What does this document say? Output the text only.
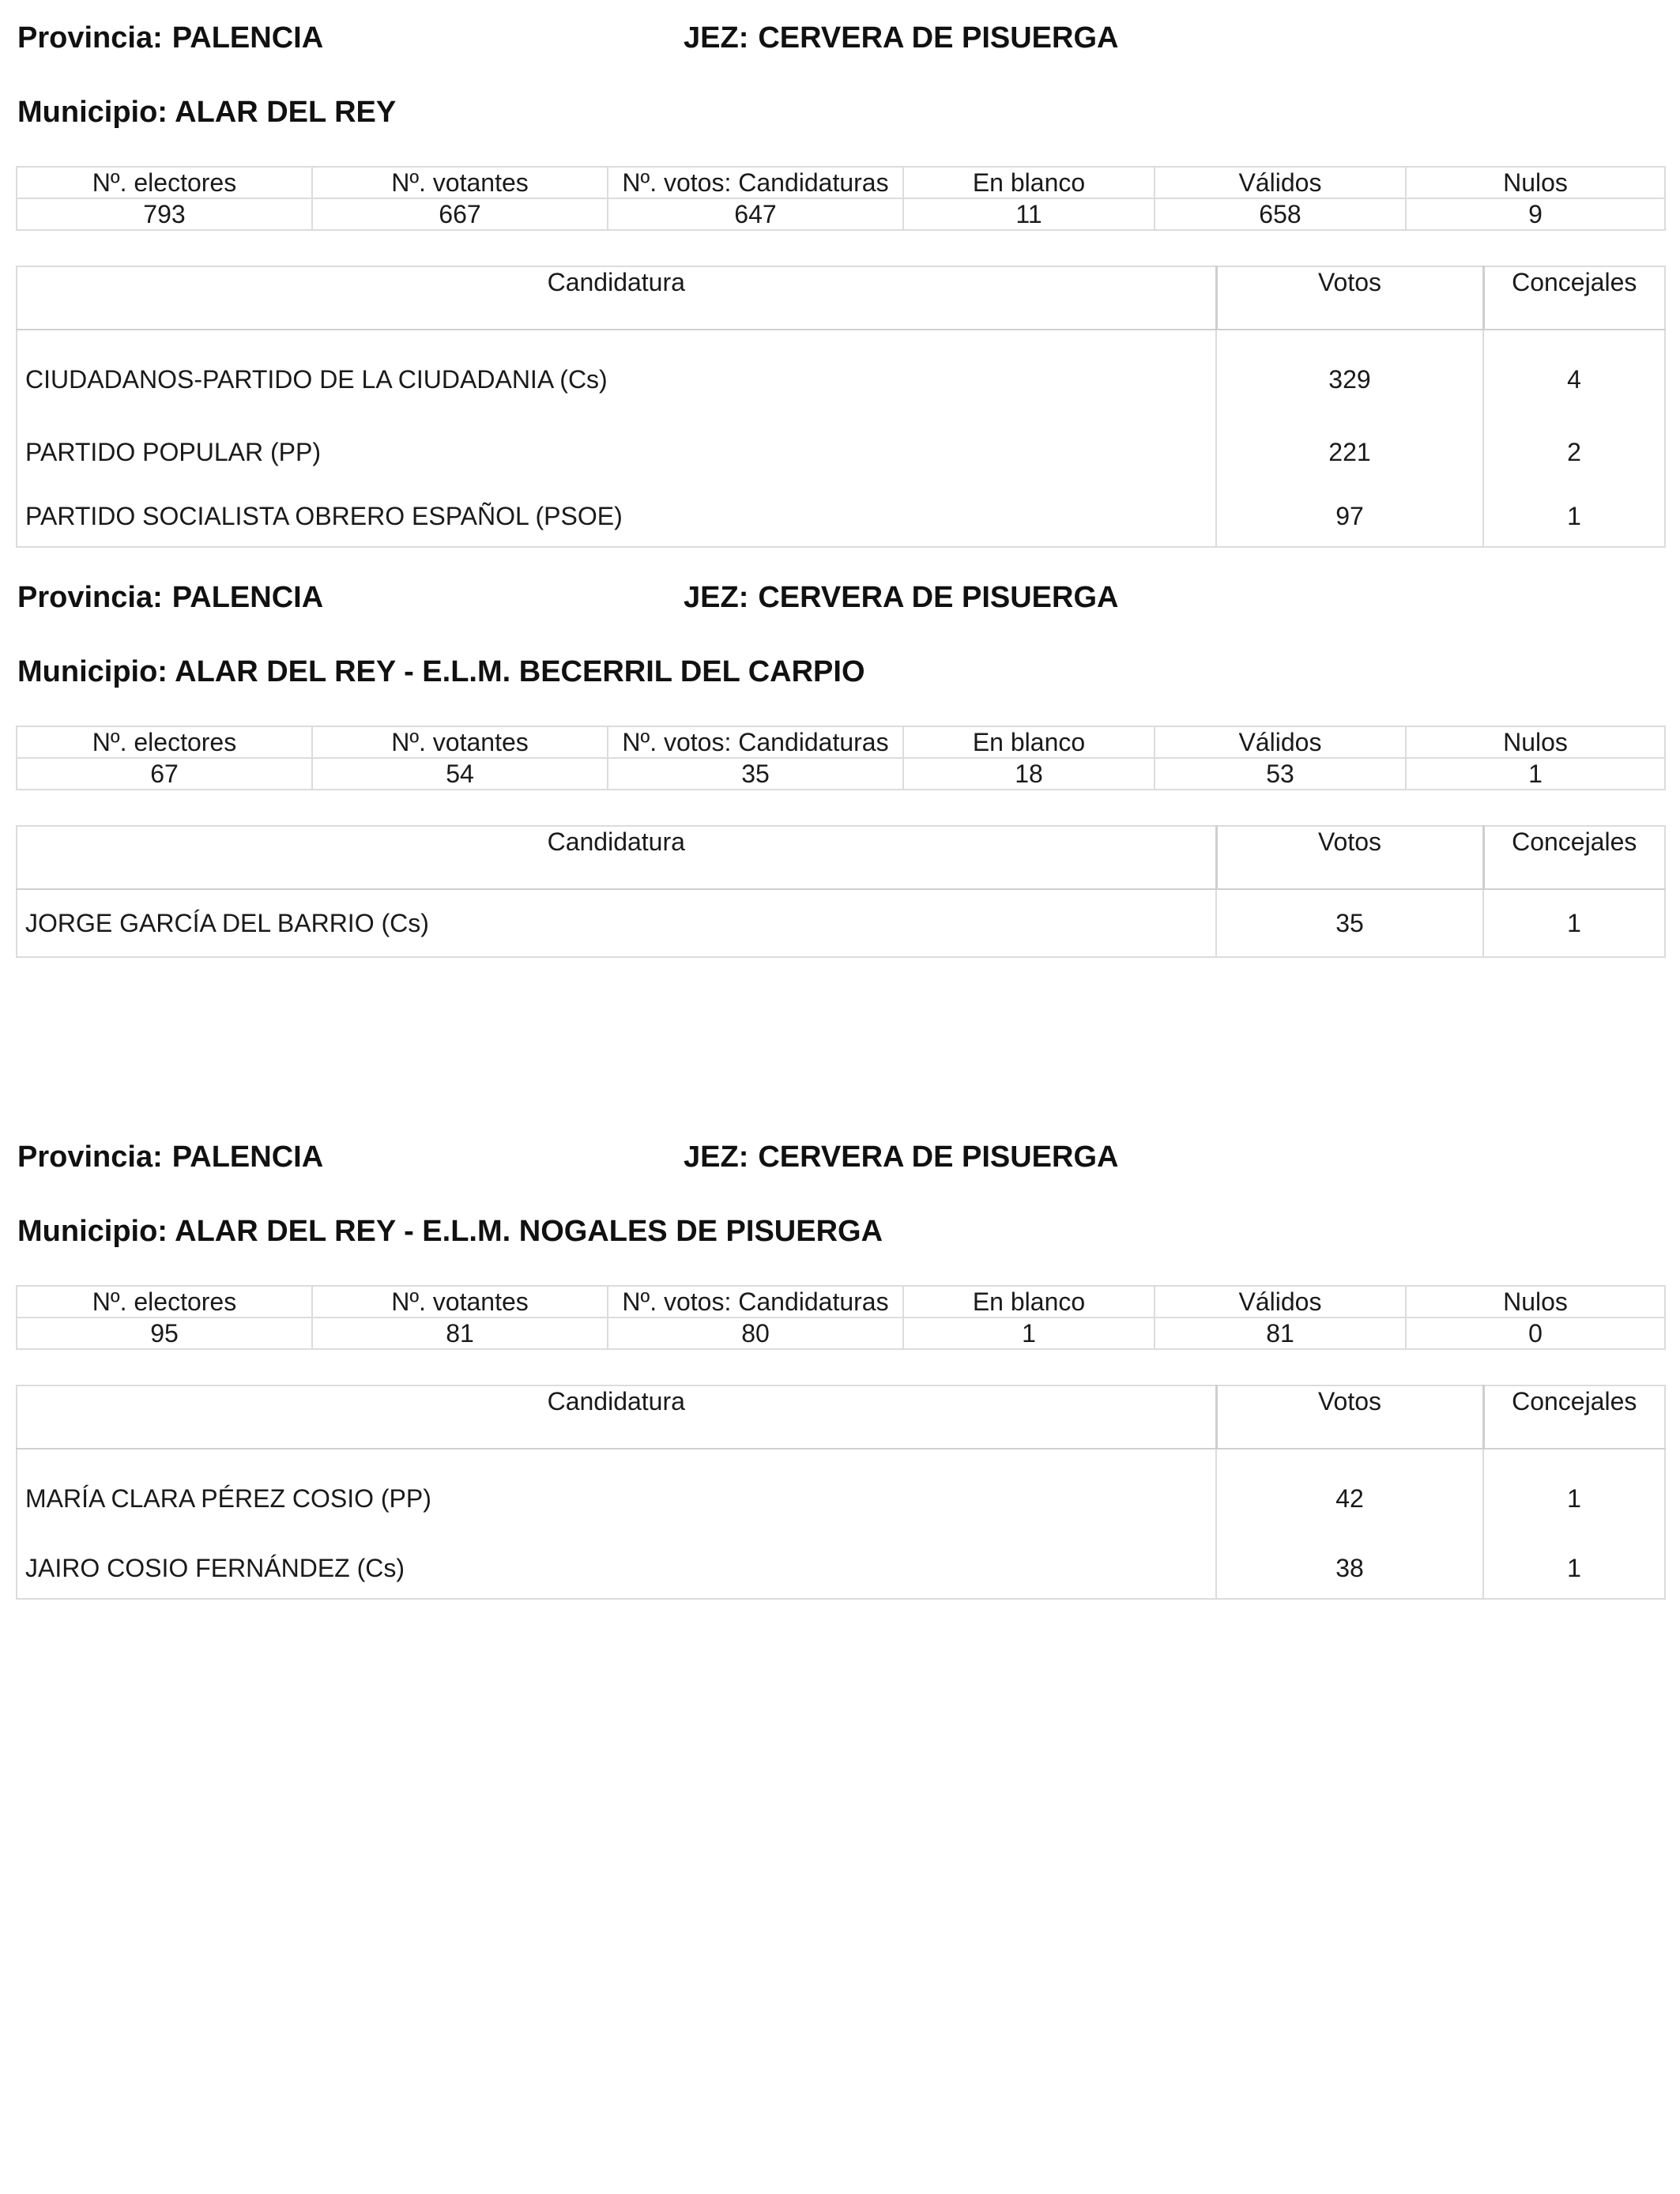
Provincia: PALENCIA	JEZ: CERVERA DE PISUERGA
Municipio: ALAR DEL REY
Nº. electores	Nº. votantes	Nº. votos: Candidaturas	En blanco	Válidos	Nulos
793	667	647	11	658	9
Candidatura	Votos	Concejales
CIUDADANOS-PARTIDO DE LA CIUDADANIA (Cs)	329	4
PARTIDO POPULAR (PP)	221	2
PARTIDO SOCIALISTA OBRERO ESPAÑOL (PSOE)	97	1
Provincia: PALENCIA	JEZ: CERVERA DE PISUERGA
Municipio: ALAR DEL REY - E.L.M. BECERRIL DEL CARPIO
Nº. electores	Nº. votantes	Nº. votos: Candidaturas	En blanco	Válidos	Nulos
67	54	35	18	53	1
Candidatura	Votos	Concejales
JORGE GARCÍA DEL BARRIO (Cs)	35	1
Provincia: PALENCIA	JEZ: CERVERA DE PISUERGA
Municipio: ALAR DEL REY - E.L.M. NOGALES DE PISUERGA
Nº. electores	Nº. votantes	Nº. votos: Candidaturas	En blanco	Válidos	Nulos
95	81	80	1	81	0
Candidatura	Votos	Concejales
MARÍA CLARA PÉREZ COSIO (PP)	42	1
JAIRO COSIO FERNÁNDEZ (Cs)	38	1
